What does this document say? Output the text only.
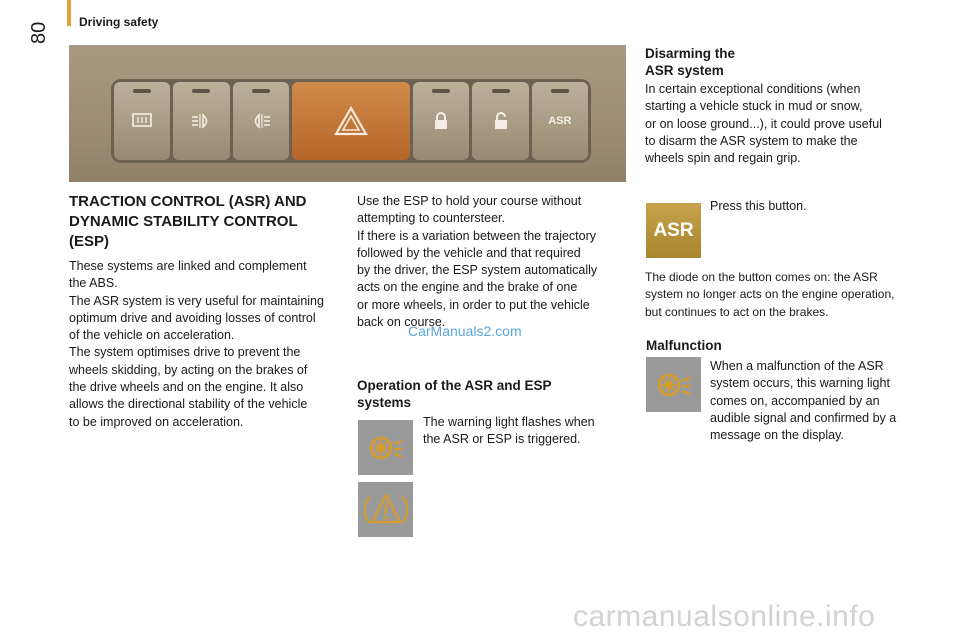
Driving safety
80
ASR
TRACTION CONTROL (ASR) AND DYNAMIC STABILITY CONTROL (ESP)
These systems are linked and complement
the ABS.
The ASR system is very useful for maintaining
optimum drive and avoiding losses of control
of the vehicle on acceleration.
The system optimises drive to prevent the
wheels skidding, by acting on the brakes of
the drive wheels and on the engine. It also
allows the directional stability of the vehicle
to be improved on acceleration.
Use the ESP to hold your course without
attempting to countersteer.
If there is a variation between the trajectory
followed by the vehicle and that required
by the driver, the ESP system automatically
acts on the engine and the brake of one
or more wheels, in order to put the vehicle
back on course.
CarManuals2.com
Operation of the ASR and ESP systems
The warning light flashes when
the ASR or ESP is triggered.
Disarming the
ASR system
In certain exceptional conditions (when
starting a vehicle stuck in mud or snow,
or on loose ground...), it could prove useful
to disarm the ASR system to make the
wheels spin and regain grip.
ASR
Press this button.
The diode on the button comes on: the ASR
system no longer acts on the engine operation,
but continues to act on the brakes.
Malfunction
When a malfunction of the ASR
system occurs, this warning light
comes on, accompanied by an
audible signal and confirmed by a
message on the display.
carmanualsonline.info
